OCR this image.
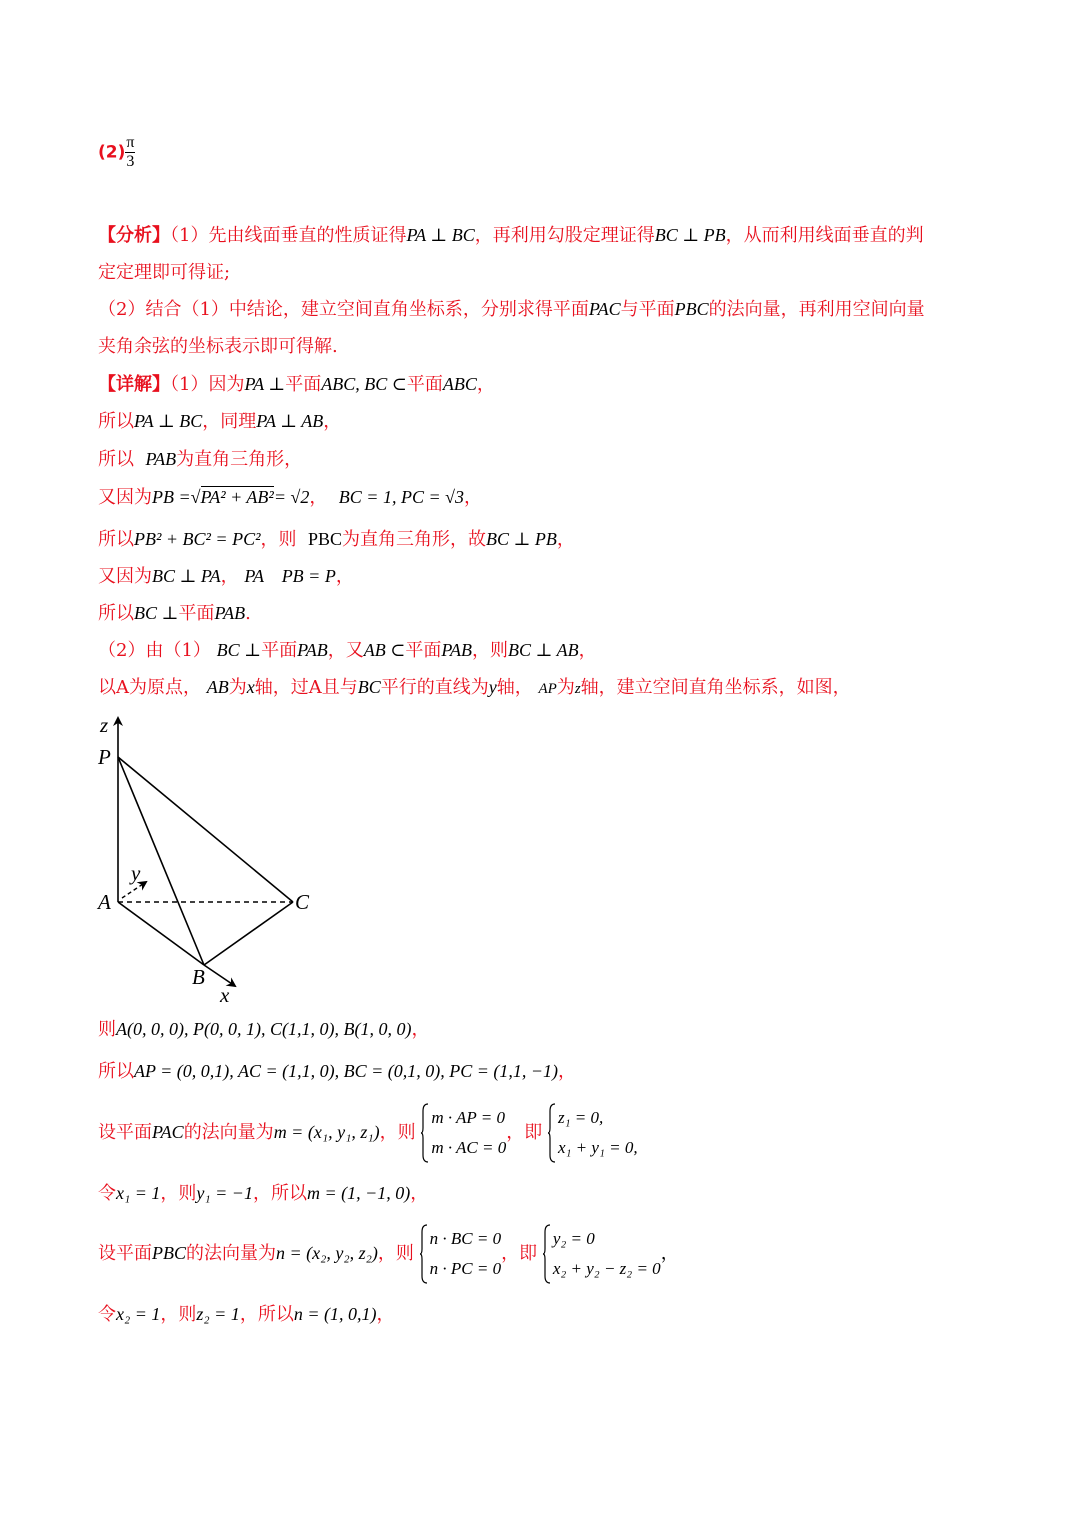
$(2) \frac{\pi}{3}$
【分析】（1）先由线面垂直的性质证得PA ⊥ BC，再利用勾股定理证得BC ⊥ PB，从而利用线面垂直的判
定定理即可得证;
（2）结合（1）中结论，建立空间直角坐标系，分别求得平面PAC与平面PBC的法向量，再利用空间向量
夹角余弦的坐标表示即可得解.
【详解】（1）因为PA ⊥平面ABC, BC ⊂平面ABC，
所以PA ⊥ BC，同理PA ⊥ AB，
所以 PAB为直角三角形，
又因为PB =√PA² + AB²= √2， BC = 1, PC = √3，
所以PB² + BC² = PC²，则 PBC为直角三角形，故BC ⊥ PB，
又因为BC ⊥ PA， PA    PB = P，
所以BC ⊥平面PAB.
（2）由（1） BC ⊥平面PAB，又AB ⊂平面PAB，则BC ⊥ AB，
以A为原点， AB为x轴，过A且与BC平行的直线为y轴， AP为z轴，建立空间直角坐标系，如图，
z
P
y
A	C
B
x
则A(0, 0, 0), P(0, 0, 1), C(1,1, 0), B(1, 0, 0)，
所以AP = (0, 0,1), AC = (1,1, 0), BC = (0,1, 0), PC = (1,1, −1)，
设平面PAC的法向量为m = (x₁, y₁, z₁)，则
m · AP = 0
m · AC = 0
，即
z₁ = 0,
x₁ + y₁ = 0,
令x₁ = 1，则y₁ = −1，所以m = (1, −1, 0)，
设平面PBC的法向量为n = (x₂, y₂, z₂)，则
n · BC = 0
n · PC = 0
，即
y₂ = 0
x₂ + y₂ − z₂ = 0
，
令x₂ = 1，则z₂ = 1，所以n = (1, 0,1)，
